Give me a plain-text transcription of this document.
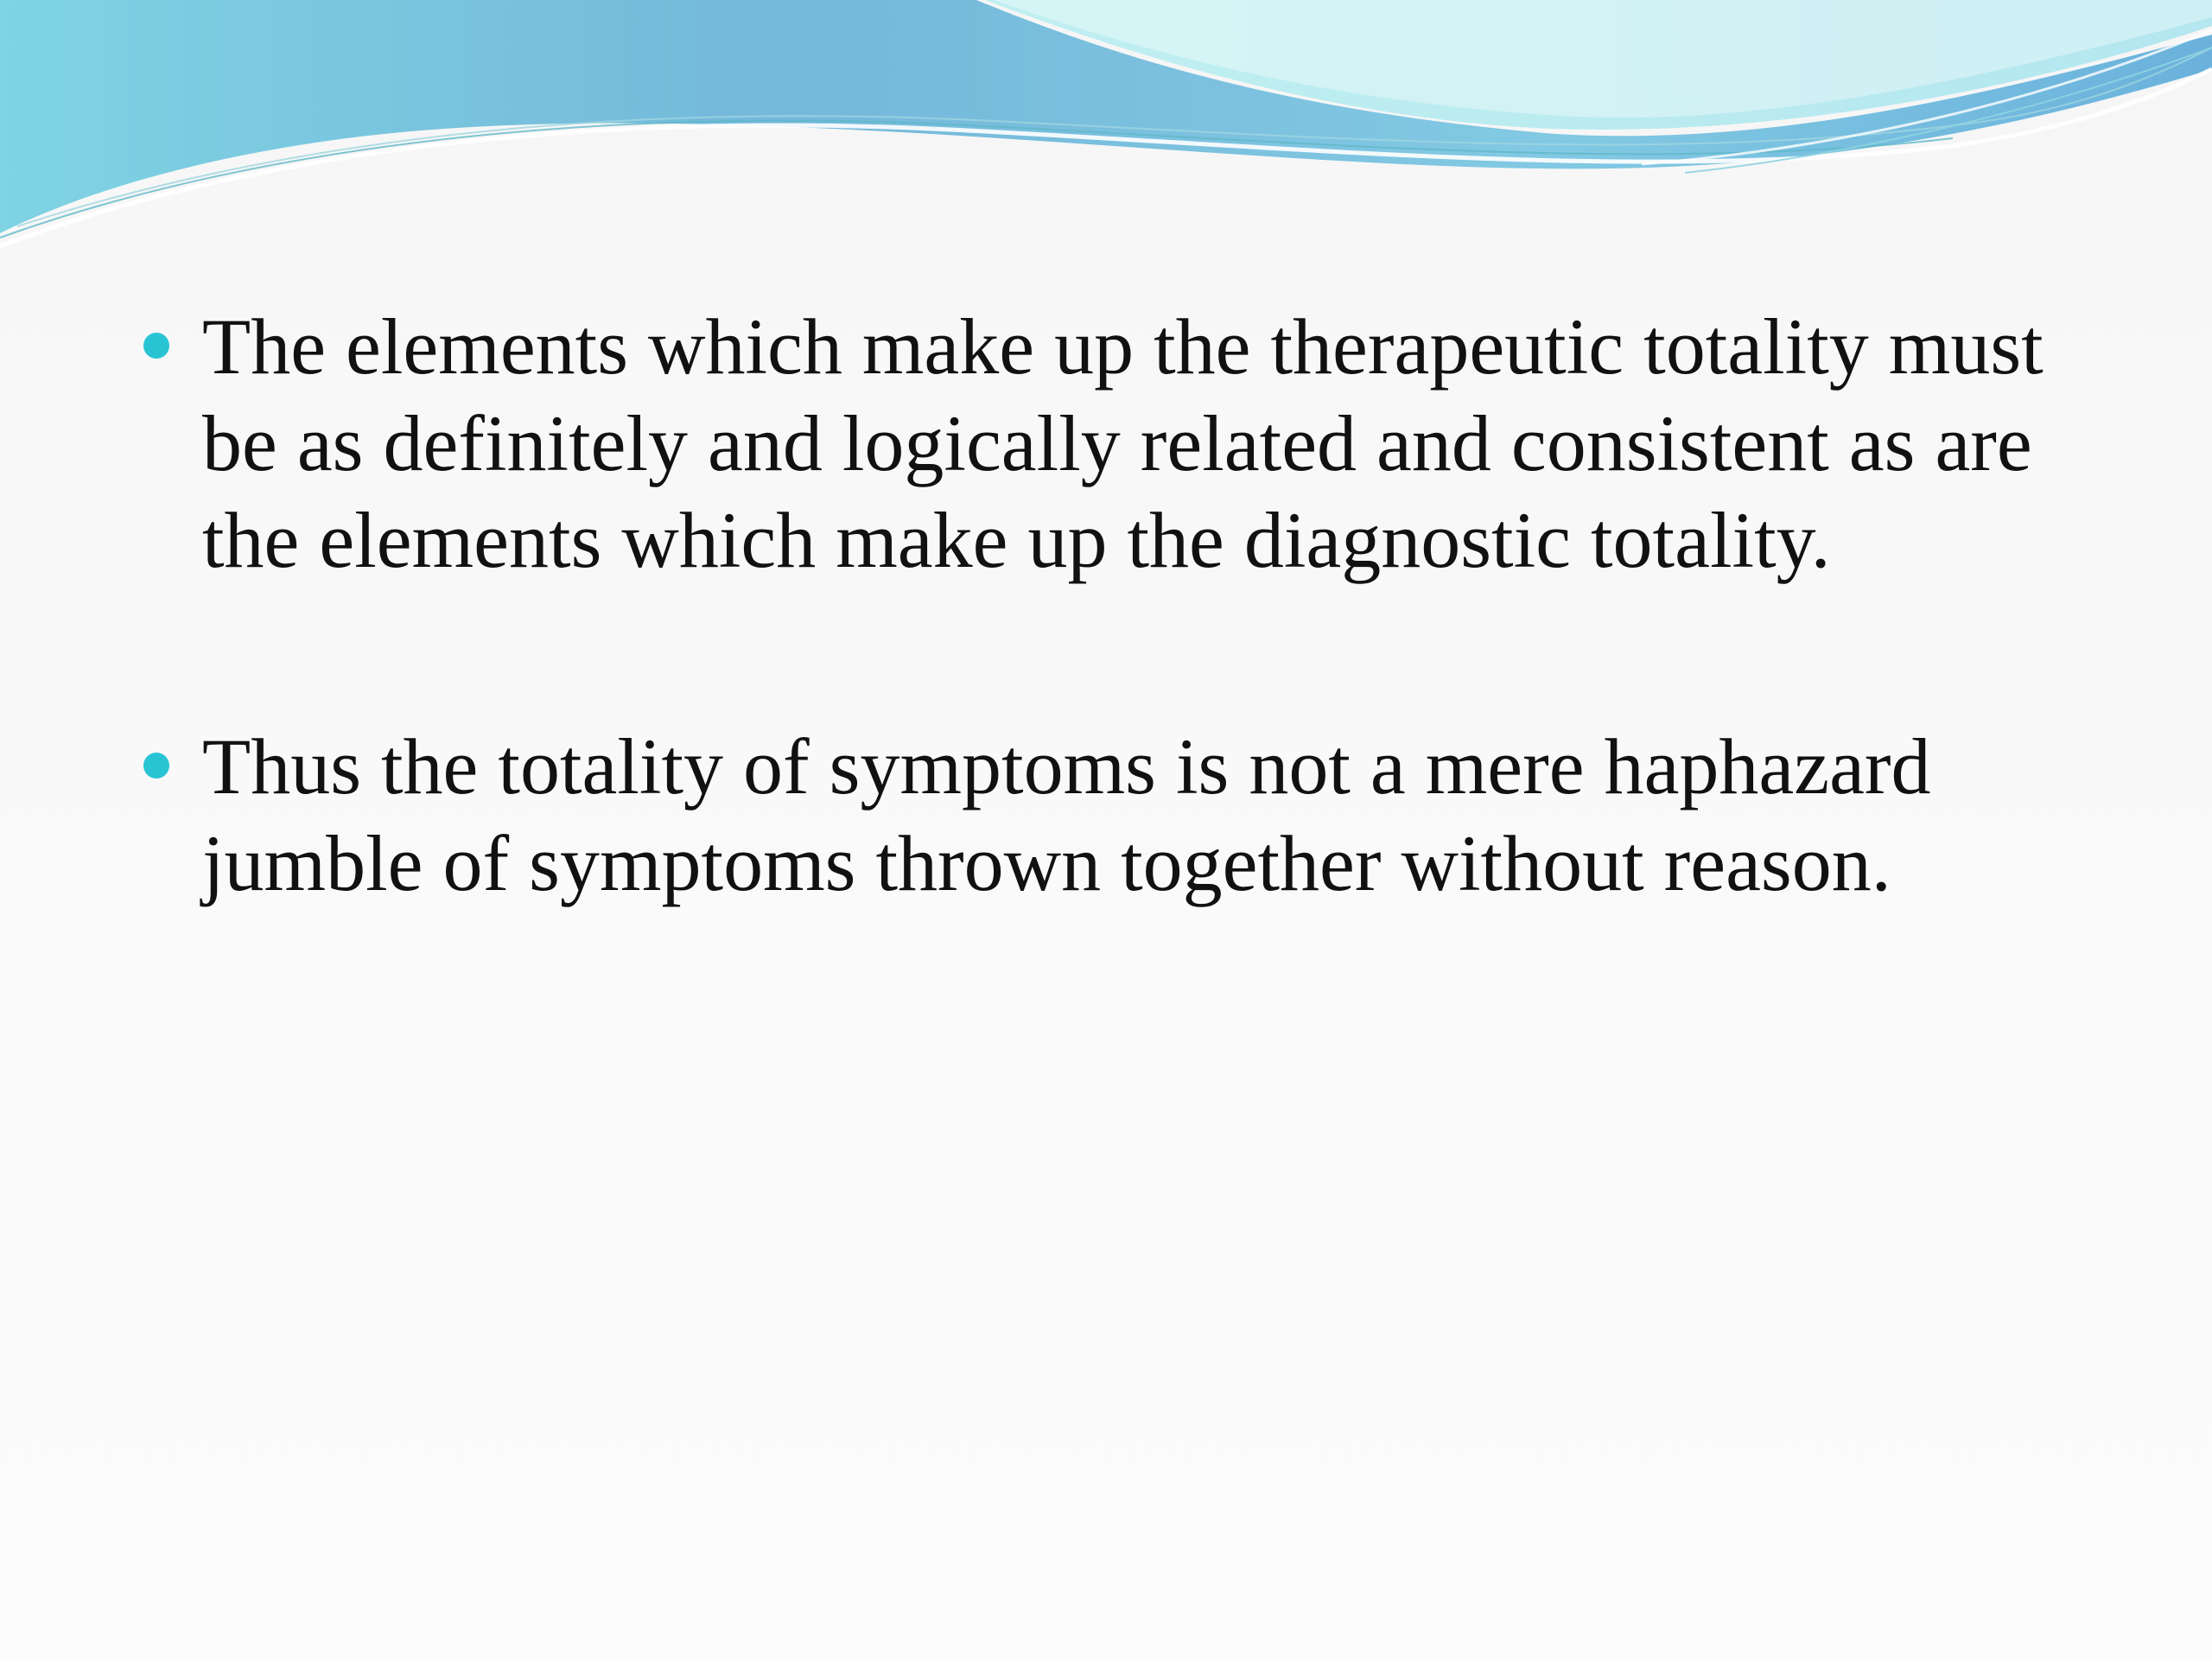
The elements which make up the therapeutic totality must be as definitely and logically related and consistent as are the elements which make up the diagnostic totality.
Thus the totality of symptoms is not a mere haphazard jumble of symptoms thrown together without reason.
